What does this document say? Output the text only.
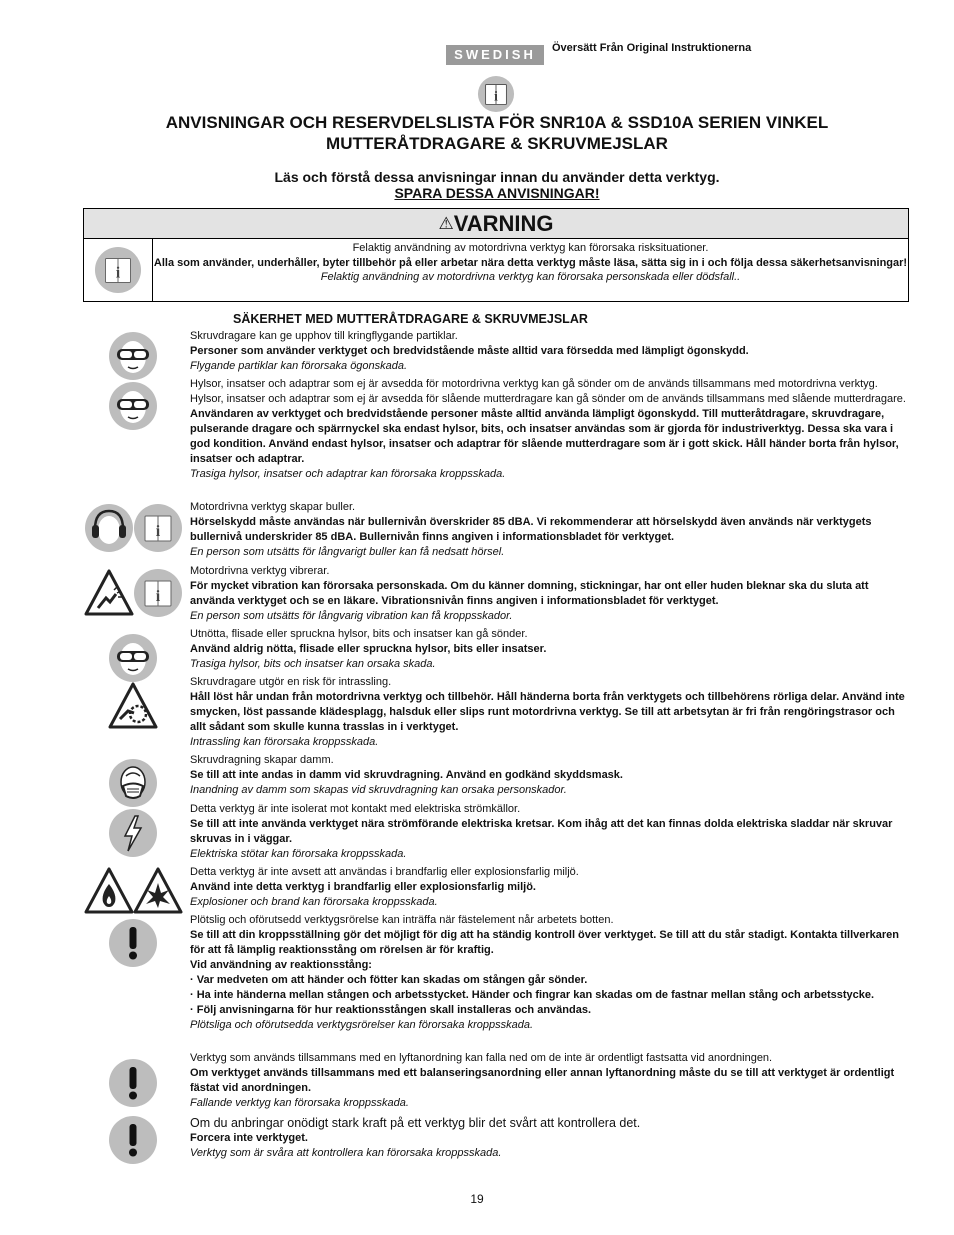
SWEDISH	Översätt Från Original Instruktionerna
i
ANVISNINGAR OCH RESERVDELSLISTA FÖR SNR10A & SSD10A SERIEN VINKEL
MUTTERÅTDRAGARE & SKRUVMEJSLAR
Läs och förstå dessa anvisningar innan du använder detta verktyg.
SPARA DESSA ANVISNINGAR!
⚠VARNING
i
Felaktig användning av motordrivna verktyg kan förorsaka risksituationer.
Alla som använder, underhåller, byter tillbehör på eller arbetar nära detta verktyg måste läsa, sätta sig in i och följa dessa säkerhetsanvisningar!
Felaktig användning av motordrivna verktyg kan förorsaka personskada eller dödsfall..
SÄKERHET MED MUTTERÅTDRAGARE & SKRUVMEJSLAR

Skruvdragare kan ge upphov till kringflygande partiklar.

Personer som använder verktyget och bredvidstående måste alltid vara försedda med lämpligt ögonskydd.

Flygande partiklar kan förorsaka ögonskada.

Hylsor, insatser och adaptrar som ej är avsedda för motordrivna verktyg kan gå sönder om de används tillsammans med motordrivna verktyg. Hylsor, insatser och adaptrar som ej är avsedda för slående mutterdragare kan gå sönder om de används tillsammans med slående mutterdragare.

Användaren av verktyget och bredvidstående personer måste alltid använda lämpligt ögonskydd. Till mutteråtdragare, skruvdragare, pulserande dragare och spärrnyckel ska endast hylsor, bits, och insatser användas som är gjorda för industriverktyg. Dessa ska vara i god kondition. Använd endast hylsor, insatser och adaptrar för slående mutterdragare som är i gott skick. Håll händer borta från hylsor, insatser och adaptrar.

Trasiga hylsor, insatser och adaptrar kan förorsaka kroppsskada.

Motordrivna verktyg skapar buller.

Hörselskydd måste användas när bullernivån överskrider 85 dBA. Vi rekommenderar att hörselskydd även används när verktygets bullernivå underskrider 85 dBA. Bullernivån finns angiven i informationsbladet för verktyget.

En person som utsätts för långvarigt buller kan få nedsatt hörsel.

Motordrivna verktyg vibrerar.

För mycket vibration kan förorsaka personskada. Om du känner domning, stickningar, har ont eller huden bleknar ska du sluta att använda verktyget och se en läkare. Vibrationsnivån finns angiven i informationsbladet för verktyget.

En person som utsätts för långvarig vibration kan få kroppsskador.

Utnötta, flisade eller spruckna hylsor, bits och insatser kan gå sönder.

Använd aldrig nötta, flisade eller spruckna hylsor, bits eller insatser.

Trasiga hylsor, bits och insatser kan orsaka skada.

Skruvdragare utgör en risk för intrassling.

Håll löst hår undan från motordrivna verktyg och tillbehör. Håll händerna borta från verktygets och tillbehörens rörliga delar. Använd inte smycken, löst passande klädesplagg, halsduk eller slips runt motordrivna verktyg. Se till att arbetsytan är fri från rengöringstrasor och allt sådant som skulle kunna trasslas in i verktyget.

Intrassling kan förorsaka kroppsskada.

Skruvdragning skapar damm.

Se till att inte andas in damm vid skruvdragning. Använd en godkänd skyddsmask.

Inandning av damm som skapas vid skruvdragning kan orsaka personskador.

Detta verktyg är inte isolerat mot kontakt med elektriska strömkällor.

Se till att inte använda verktyget nära strömförande elektriska kretsar. Kom ihåg att det kan finnas dolda elektriska sladdar när skruvar skruvas in i väggar.

Elektriska stötar kan förorsaka kroppsskada.

Detta verktyg är inte avsett att användas i brandfarlig eller explosionsfarlig miljö.

Använd inte detta verktyg i brandfarlig eller explosionsfarlig miljö.

Explosioner och brand kan förorsaka kroppsskada.

Plötslig och oförutsedd verktygsrörelse kan inträffa när fästelement når arbetets botten.

Se till att din kroppsställning gör det möjligt för dig att ha ständig kontroll över verktyget. Se till att du står stadigt. Kontakta tillverkaren för att få lämplig reaktionsstång om rörelsen är för kraftig.

Vid användning av reaktionsstång:

· Var medveten om att händer och fötter kan skadas om stången går sönder.

· Ha inte händerna mellan stången och arbetsstycket. Händer och fingrar kan skadas om de fastnar mellan stång och arbetsstycke.

· Följ anvisningarna för hur reaktionsstången skall installeras och användas.

Plötsliga och oförutsedda verktygsrörelser kan förorsaka kroppsskada.

Verktyg som används tillsammans med en lyftanordning kan falla ned om de inte är ordentligt fastsatta vid anordningen.

Om verktyget används tillsammans med ett balanseringsanordning eller annan lyftanordning måste du se till att verktyget är ordentligt fästat vid anordningen.

Fallande verktyg kan förorsaka kroppsskada.

Om du anbringar onödigt stark kraft på ett verktyg blir det svårt att kontrollera det.

Forcera inte verktyget.

Verktyg som är svåra att kontrollera kan förorsaka kroppsskada.

19
